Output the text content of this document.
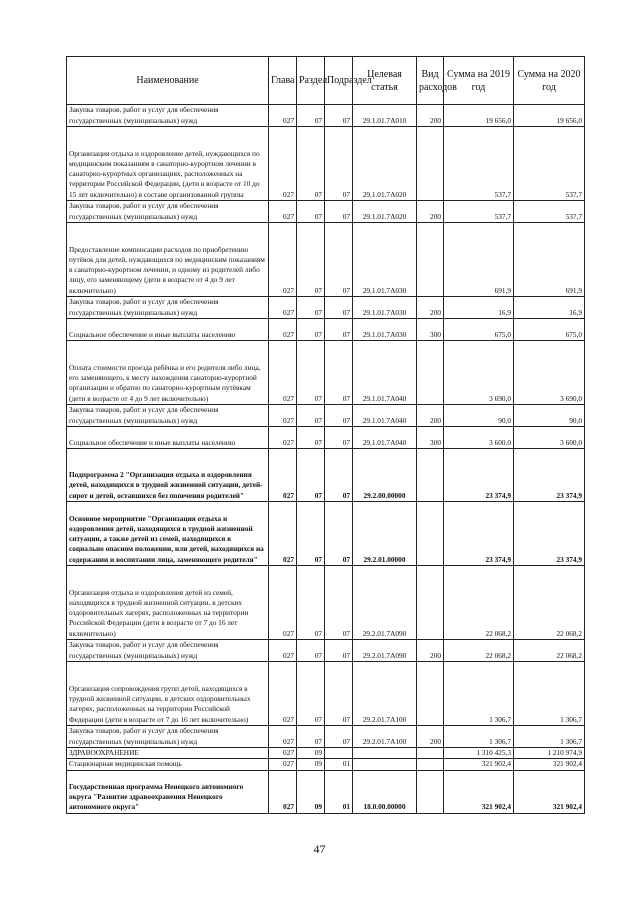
Наименование	Глава	Раздел	Подраздел	Целевая статья	Вид расходов	Сумма на 2019 год	Сумма на 2020 год
Закупка товаров, работ и услуг для обеспечения государственных (муниципальных) нужд	027	07	07	29.1.01.7А010	200	19 656,0	19 656,0
Организация отдыха и оздоровление детей, нуждающихся по медицинским показаниям в санаторно-курортном лечении в санаторно-курортных организациях, расположенных на территории Российской Федерации, (дети в возрасте от 10 до 15 лет включительно) в составе организованной группы	027	07	07	29.1.01.7А020		537,7	537,7
Закупка товаров, работ и услуг для обеспечения государственных (муниципальных) нужд	027	07	07	29.1.01.7А020	200	537,7	537,7
Предоставление компенсации расходов по приобретению путёвок для детей, нуждающихся по медицинским показаниям в санаторно-курортном лечении, и одному из родителей либо лицу, его заменяющему (дети в возрасте от 4 до 9 лет включительно)	027	07	07	29.1.01.7А030		691,9	691,9
Закупка товаров, работ и услуг для обеспечения государственных (муниципальных) нужд	027	07	07	29.1.01.7А030	200	16,9	16,9
Социальное обеспечение и иные выплаты населению	027	07	07	29.1.01.7А030	300	675,0	675,0
Оплата стоимости проезда ребёнка и его родителя либо лица, его заменяющего, к месту нахождения санаторно-курортной организации и обратно по санаторно-курортным путёвкам (дети в возрасте от 4 до 9 лет включительно)	027	07	07	29.1.01.7А040		3 690,0	3 690,0
Закупка товаров, работ и услуг для обеспечения государственных (муниципальных) нужд	027	07	07	29.1.01.7А040	200	90,0	90,0
Социальное обеспечение и иные выплаты населению	027	07	07	29.1.01.7А040	300	3 600,0	3 600,0
Подпрограмма 2 "Организация отдыха и оздоровления детей, находящихся в трудной жизненной ситуации, детей-сирот и детей, оставшихся без попечения родителей"	027	07	07	29.2.00.00000		23 374,9	23 374,9
Основное мероприятие "Организация отдыха и оздоровления детей, находящихся в трудной жизненной ситуации, а также детей из семей, находящихся в социально опасном положении, или детей, находящихся на содержании и воспитании лица, заменяющего родителя"	027	07	07	29.2.01.00000		23 374,9	23 374,9
Организация отдыха и оздоровления детей из семей, находящихся в трудной жизненной ситуации, в детских оздоровительных лагерях, расположенных на территории Российской Федерации (дети в возрасте от 7 до 16 лет включительно)	027	07	07	29.2.01.7А090		22 068,2	22 068,2
Закупка товаров, работ и услуг для обеспечения государственных (муниципальных) нужд	027	07	07	29.2.01.7А090	200	22 068,2	22 068,2
Организация сопровождения групп детей, находящихся в трудной жизненной ситуации, в детских оздоровительных лагерях, расположенных на территории Российской Федерации (дети в возрасте от 7 до 16 лет включительно)	027	07	07	29.2.01.7А100		1 306,7	1 306,7
Закупка товаров, работ и услуг для обеспечения государственных (муниципальных) нужд	027	07	07	29.2.01.7А100	200	1 306,7	1 306,7
ЗДРАВООХРАНЕНИЕ	027	09				1 310 425,3	1 210 974,9
Стационарная медицинская помощь	027	09	01			321 902,4	321 902,4
Государственная программа Ненецкого автономного округа "Развитие здравоохранения Ненецкого автономного округа"	027	09	01	18.0.00.00000		321 902,4	321 902,4
47
